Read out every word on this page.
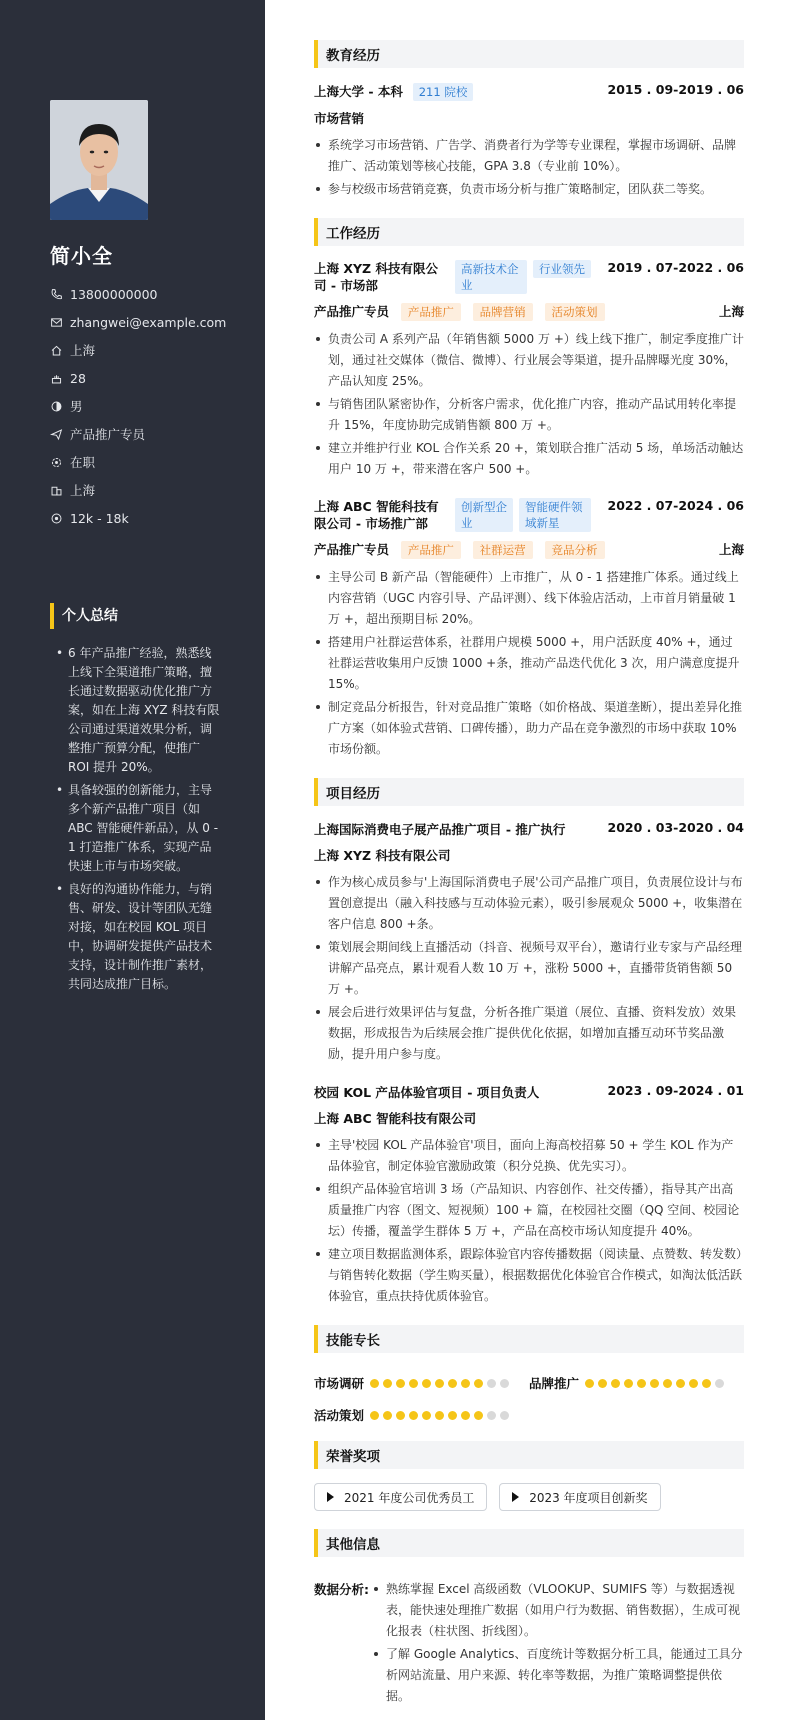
简小全
13800000000
zhangwei@example.com
上海
28
男
产品推广专员
在职
上海
12k - 18k
个人总结
• 6 年产品推广经验，熟悉线上线下全渠道推广策略，擅长通过数据驱动优化推广方案，如在上海 XYZ 科技有限公司通过渠道效果分析，调整推广预算分配，使推广 ROI 提升 20%。
• 具备较强的创新能力，主导多个新产品推广项目（如 ABC 智能硬件新品），从 0 - 1 打造推广体系，实现产品快速上市与市场突破。
• 良好的沟通协作能力，与销售、研发、设计等团队无缝对接，如在校园 KOL 项目中，协调研发提供产品技术支持，设计制作推广素材，共同达成推广目标。
教育经历
上海大学 - 本科 211 院校	2015 . 09-2019 . 06
市场营销
系统学习市场营销、广告学、消费者行为学等专业课程，掌握市场调研、品牌推广、活动策划等核心技能，GPA 3.8（专业前 10%）。
参与校级市场营销竞赛，负责市场分析与推广策略制定，团队获二等奖。
工作经历
上海 XYZ 科技有限公司 - 市场部
高新技术企业
行业领先	2019 . 07-2022 . 06
产品推广专员 产品推广 品牌营销 活动策划	上海
负责公司 A 系列产品（年销售额 5000 万 +）线上线下推广，制定季度推广计划，通过社交媒体（微信、微博）、行业展会等渠道，提升品牌曝光度 30%，产品认知度 25%。
与销售团队紧密协作，分析客户需求，优化推广内容，推动产品试用转化率提升 15%，年度协助完成销售额 800 万 +。
建立并维护行业 KOL 合作关系 20 +，策划联合推广活动 5 场，单场活动触达用户 10 万 +，带来潜在客户 500 +。
上海 ABC 智能科技有限公司 - 市场推广部
创新型企业
智能硬件领域新星
2022 . 07-2024 . 06
产品推广专员 产品推广 社群运营 竞品分析	上海
主导公司 B 新产品（智能硬件）上市推广，从 0 - 1 搭建推广体系。通过线上内容营销（UGC 内容引导、产品评测）、线下体验店活动，上市首月销量破 1 万 +，超出预期目标 20%。
搭建用户社群运营体系，社群用户规模 5000 +，用户活跃度 40% +，通过社群运营收集用户反馈 1000 +条，推动产品迭代优化 3 次，用户满意度提升 15%。
制定竞品分析报告，针对竞品推广策略（如价格战、渠道垄断），提出差异化推广方案（如体验式营销、口碑传播），助力产品在竞争激烈的市场中获取 10%市场份额。
项目经历
上海国际消费电子展产品推广项目 - 推广执行	2020 . 03-2020 . 04
上海 XYZ 科技有限公司
作为核心成员参与'上海国际消费电子展'公司产品推广项目，负责展位设计与布置创意提出（融入科技感与互动体验元素），吸引参展观众 5000 +，收集潜在客户信息 800 +条。
策划展会期间线上直播活动（抖音、视频号双平台），邀请行业专家与产品经理讲解产品亮点，累计观看人数 10 万 +，涨粉 5000 +，直播带货销售额 50 万 +。
展会后进行效果评估与复盘，分析各推广渠道（展位、直播、资料发放）效果数据，形成报告为后续展会推广提供优化依据，如增加直播互动环节奖品激励，提升用户参与度。
校园 KOL 产品体验官项目 - 项目负责人	2023 . 09-2024 . 01
上海 ABC 智能科技有限公司
主导'校园 KOL 产品体验官'项目，面向上海高校招募 50 + 学生 KOL 作为产品体验官，制定体验官激励政策（积分兑换、优先实习）。
组织产品体验官培训 3 场（产品知识、内容创作、社交传播），指导其产出高质量推广内容（图文、短视频）100 + 篇，在校园社交圈（QQ 空间、校园论坛）传播，覆盖学生群体 5 万 +，产品在高校市场认知度提升 40%。
建立项目数据监测体系，跟踪体验官内容传播数据（阅读量、点赞数、转发数）与销售转化数据（学生购买量），根据数据优化体验官合作模式，如淘汰低活跃体验官，重点扶持优质体验官。
技能专长
市场调研	品牌推广
活动策划
荣誉奖项
2021 年度公司优秀员工
	2023 年度项目创新奖
其他信息
数据分析:	熟练掌握 Excel 高级函数（VLOOKUP、SUMIFS 等）与数据透视表，能快速处理推广数据（如用户行为数据、销售数据），生成可视化报表（柱状图、折线图）。
了解 Google Analytics、百度统计等数据分析工具，能通过工具分析网站流量、用户来源、转化率等数据，为推广策略调整提供依据。
